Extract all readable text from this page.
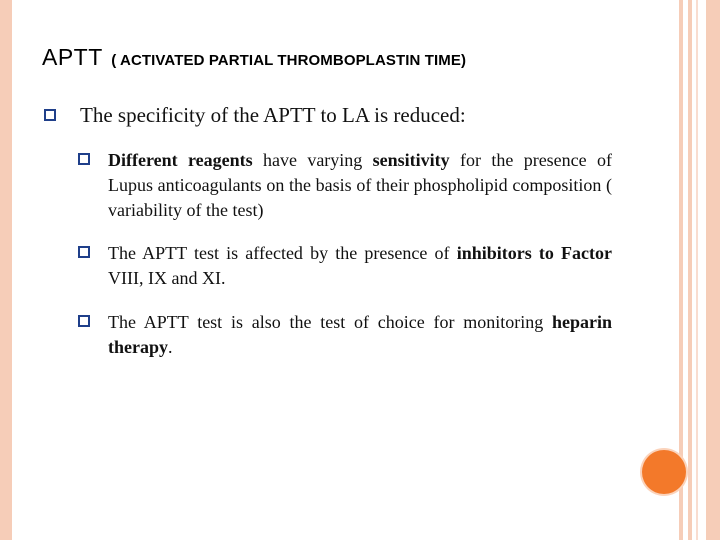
APTT ( ACTIVATED PARTIAL THROMBOPLASTIN TIME)
The specificity of the APTT to LA is reduced:
Different reagents have varying sensitivity for the presence of Lupus anticoagulants on the basis of their phospholipid composition ( variability of the test)
The APTT test is affected by the presence of inhibitors to Factor VIII, IX and XI.
The APTT test is also the test of choice for monitoring heparin therapy.
